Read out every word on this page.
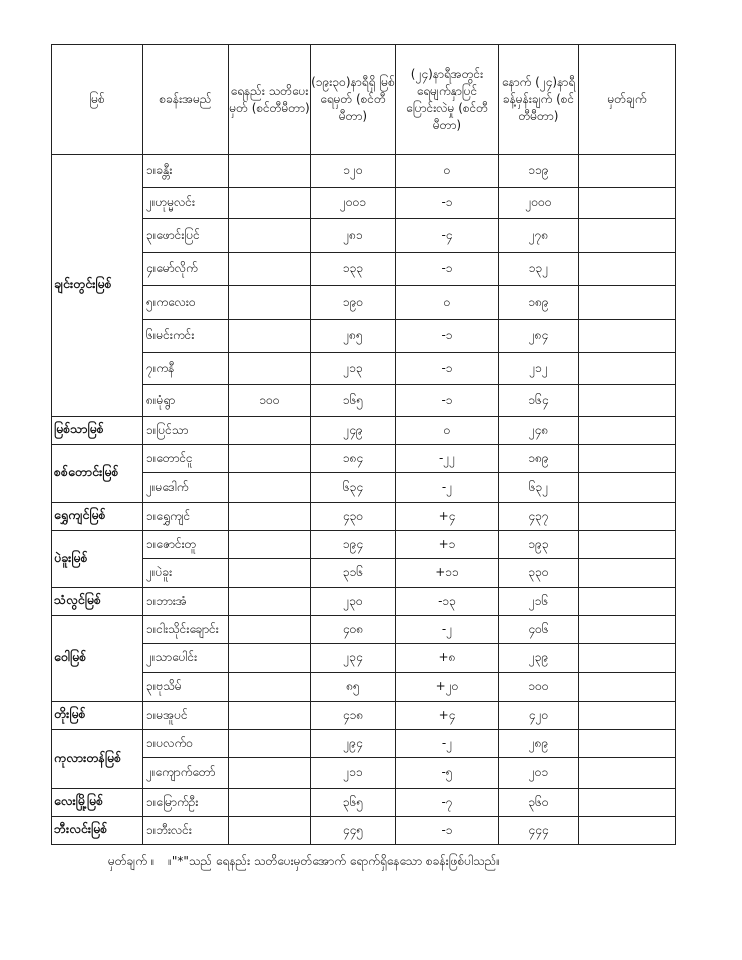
မြစ်	စခန်းအမည်	ရေနည်း သတိပေးမှတ် (စင်တီမီတာ)	(၁၉း၃၀)နာရီရှိ မြစ်ရေမှတ် (စင်တီမီတာ)	(၂၄)နာရီအတွင်း ရေမျက်နှာပြင် ပြောင်းလဲမှု (စင်တီမီတာ)	နောက် (၂၄)နာရီ ခန့်မှန်းချက် (စင်တီမီတာ)	မှတ်ချက်
ချင်းတွင်းမြစ်	၁။ခန္တီး		၁၂၀	၀	၁၁၉	
	၂။ဟုမ္မလင်း		၂၀၀၁	-၁	၂၀၀၀	
	၃။ဖောင်းပြင်		၂၈၁	-၄	၂၇၈	
	၄။မော်လိုက်		၁၃၃	-၁	၁၃၂	
	၅။ကလေးဝ		၁၉၀	၀	၁၈၉	
	၆။မင်းကင်း		၂၈၅	-၁	၂၈၄	
	၇။ကနီ		၂၁၃	-၁	၂၁၂	
	၈။မုံရွာ	၁၀၀	၁၆၅	-၁	၁၆၄	
မြစ်သာမြစ်	၁။ပြင်သာ		၂၄၉	၀	၂၄၈	
စစ်တောင်းမြစ်	၁။တောင်ငူ		၁၈၄	-၂၂	၁၈၉	
	၂။မဒေါက်		၆၃၄	-၂	၆၃၂	
ရွှေကျင်မြစ်	၁။ရွှေကျင်		၄၃၀	+၄	၄၃၇	
ပဲခူးမြစ်	၁။ဇောင်းတူ		၁၉၄	+၁	၁၉၃	
	၂။ပဲခူး		၃၁၆	+၁၁	၃၃၀	
သံလွင်မြစ်	၁။ဘားအံ		၂၃၀	-၁၃	၂၁၆	
ဝေါမြစ်	၁။ငါးသိုင်းချောင်း		၄၀၈	-၂	၄၀၆	
	၂။သာပေါင်း		၂၃၄	+၈	၂၃၉	
	၃။ဗုသိမ်		၈၅	+၂၀	၁၀၀	
တိုးမြစ်	၁။မအူပင်		၄၁၈	+၄	၄၂၀	
ကုလားတန်မြစ်	၁။ပလက်ဝ		၂၉၄	-၂	၂၈၉	
	၂။ကျောက်တော်		၂၁၁	-၅	၂၀၁	
လေးမြို့မြစ်	၁။မြောက်ဦး		၃၆၅	-၇	၃၆၀	
ဘီးလင်းမြစ်	၁။ဘီးလင်း		၄၄၅	-၁	၄၄၄	
မှတ်ချက် ။ ။"*"သည် ရေနည်း သတိပေးမှတ်အောက် ရောက်ရှိနေသော စခန်းဖြစ်ပါသည်။
